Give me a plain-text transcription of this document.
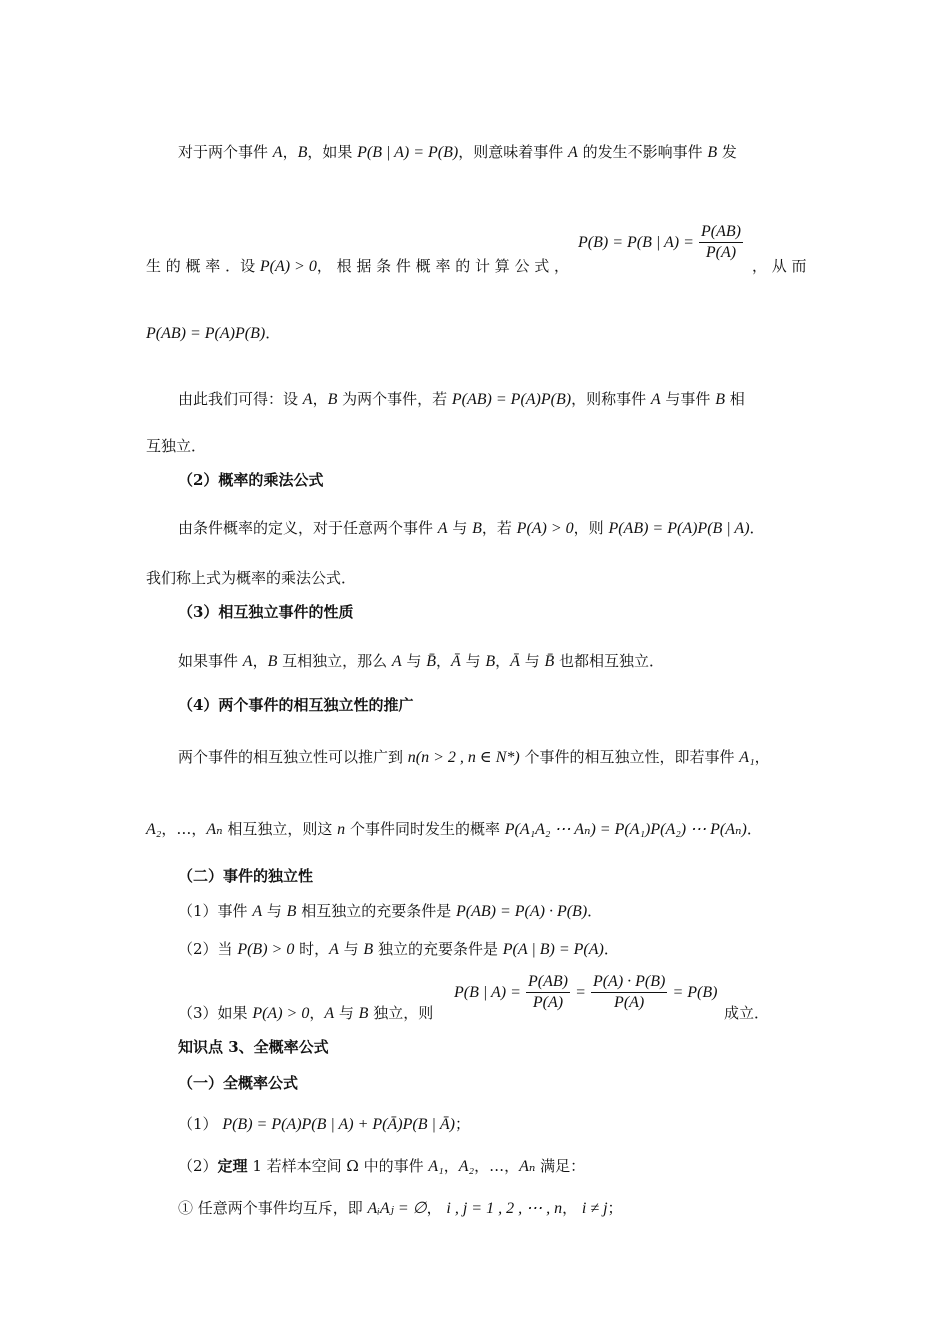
对于两个事件 A，B，如果 P(B | A) = P(B)，则意味着事件 A 的发生不影响事件 B 发
生 的 概 率 ．设 P(A) > 0， 根 据 条 件 概 率 的 计 算 公 式 ，
P(B) = P(B | $A) = \frac{P(AB)}{P(A)}$
， 从 而
P(AB) = P(A)P(B)．
由此我们可得：设 A，B 为两个事件，若 P(AB) = P(A)P(B)，则称事件 A 与事件 B 相
互独立．
（2）概率的乘法公式
由条件概率的定义，对于任意两个事件 A 与 B，若 P(A) > 0，则 P(AB) = P(A)P(B | A)．
我们称上式为概率的乘法公式．
（3）相互独立事件的性质
如果事件 A，B 互相独立，那么 A 与 B̄，Ā 与 B，Ā 与 B̄ 也都相互独立．
（4）两个事件的相互独立性的推广
两个事件的相互独立性可以推广到 n(n > 2 , n ∈ N*) 个事件的相互独立性，即若事件 A₁，
A₂，…，Aₙ 相互独立，则这 n 个事件同时发生的概率 P(A₁A₂ ⋯ Aₙ) = P(A₁)P(A₂) ⋯ P(Aₙ)．
（二）事件的独立性
（1）事件 A 与 B 相互独立的充要条件是 P(AB) = P(A) · P(B)．
（2）当 P(B) > 0 时，A 与 B 独立的充要条件是 P(A | B) = P(A)．
（3）如果 P(A) > 0，A 与 B 独立，则
P(B | $A) = \frac{P(AB)}{P(A)} = \frac{P(A) \cdot P(B)}{P(A)} = P(B)$
成立．
知识点 3、全概率公式
（一）全概率公式
（1） P(B) = P(A)P(B | A) + P(Ā)P(B | Ā)；
（2）定理 1 若样本空间 Ω 中的事件 A₁，A₂，…，Aₙ 满足：
① 任意两个事件均互斥，即 AᵢAⱼ = ∅， i , j = 1 , 2 , ⋯ , n， i ≠ j；
